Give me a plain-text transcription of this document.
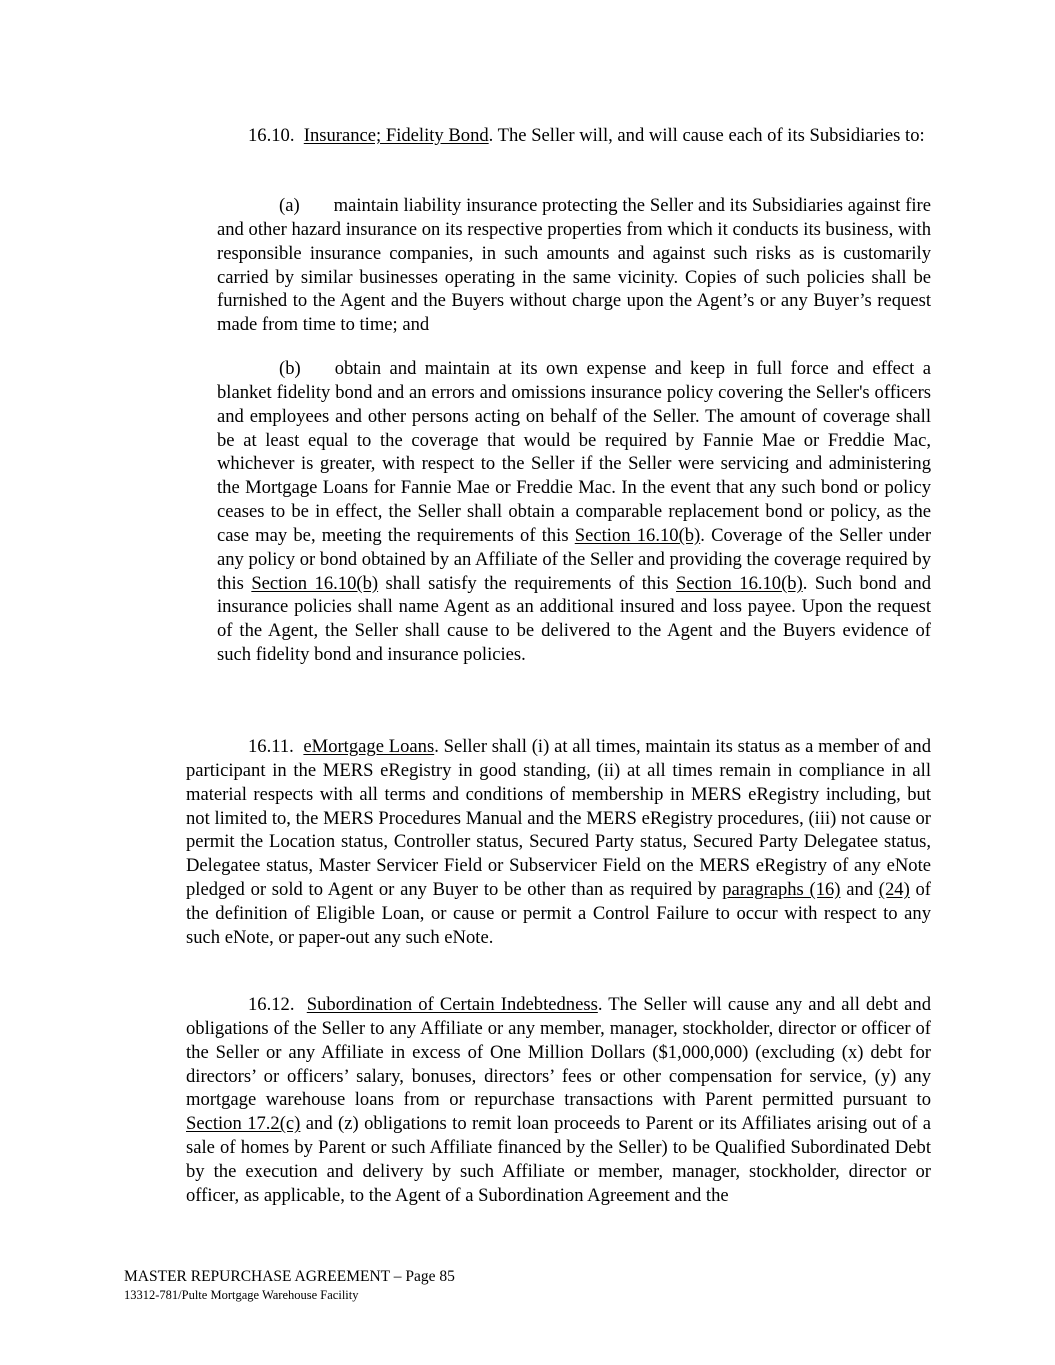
16.10. Insurance; Fidelity Bond. The Seller will, and will cause each of its Subsidiaries to:

(a) maintain liability insurance protecting the Seller and its Subsidiaries against fire and other hazard insurance on its respective properties from which it conducts its business, with responsible insurance companies, in such amounts and against such risks as is customarily carried by similar businesses operating in the same vicinity. Copies of such policies shall be furnished to the Agent and the Buyers without charge upon the Agent’s or any Buyer’s request made from time to time; and

(b) obtain and maintain at its own expense and keep in full force and effect a blanket fidelity bond and an errors and omissions insurance policy covering the Seller's officers and employees and other persons acting on behalf of the Seller. The amount of coverage shall be at least equal to the coverage that would be required by Fannie Mae or Freddie Mac, whichever is greater, with respect to the Seller if the Seller were servicing and administering the Mortgage Loans for Fannie Mae or Freddie Mac. In the event that any such bond or policy ceases to be in effect, the Seller shall obtain a comparable replacement bond or policy, as the case may be, meeting the requirements of this Section 16.10(b). Coverage of the Seller under any policy or bond obtained by an Affiliate of the Seller and providing the coverage required by this Section 16.10(b) shall satisfy the requirements of this Section 16.10(b). Such bond and insurance policies shall name Agent as an additional insured and loss payee. Upon the request of the Agent, the Seller shall cause to be delivered to the Agent and the Buyers evidence of such fidelity bond and insurance policies.

16.11. eMortgage Loans. Seller shall (i) at all times, maintain its status as a member of and participant in the MERS eRegistry in good standing, (ii) at all times remain in compliance in all material respects with all terms and conditions of membership in MERS eRegistry including, but not limited to, the MERS Procedures Manual and the MERS eRegistry procedures, (iii) not cause or permit the Location status, Controller status, Secured Party status, Secured Party Delegatee status, Delegatee status, Master Servicer Field or Subservicer Field on the MERS eRegistry of any eNote pledged or sold to Agent or any Buyer to be other than as required by paragraphs (16) and (24) of the definition of Eligible Loan, or cause or permit a Control Failure to occur with respect to any such eNote, or paper-out any such eNote.

16.12. Subordination of Certain Indebtedness. The Seller will cause any and all debt and obligations of the Seller to any Affiliate or any member, manager, stockholder, director or officer of the Seller or any Affiliate in excess of One Million Dollars ($1,000,000) (excluding (x) debt for directors’ or officers’ salary, bonuses, directors’ fees or other compensation for service, (y) any mortgage warehouse loans from or repurchase transactions with Parent permitted pursuant to Section 17.2(c) and (z) obligations to remit loan proceeds to Parent or its Affiliates arising out of a sale of homes by Parent or such Affiliate financed by the Seller) to be Qualified Subordinated Debt by the execution and delivery by such Affiliate or member, manager, stockholder, director or officer, as applicable, to the Agent of a Subordination Agreement and the

MASTER REPURCHASE AGREEMENT – Page 85
13312-781/Pulte Mortgage Warehouse Facility
